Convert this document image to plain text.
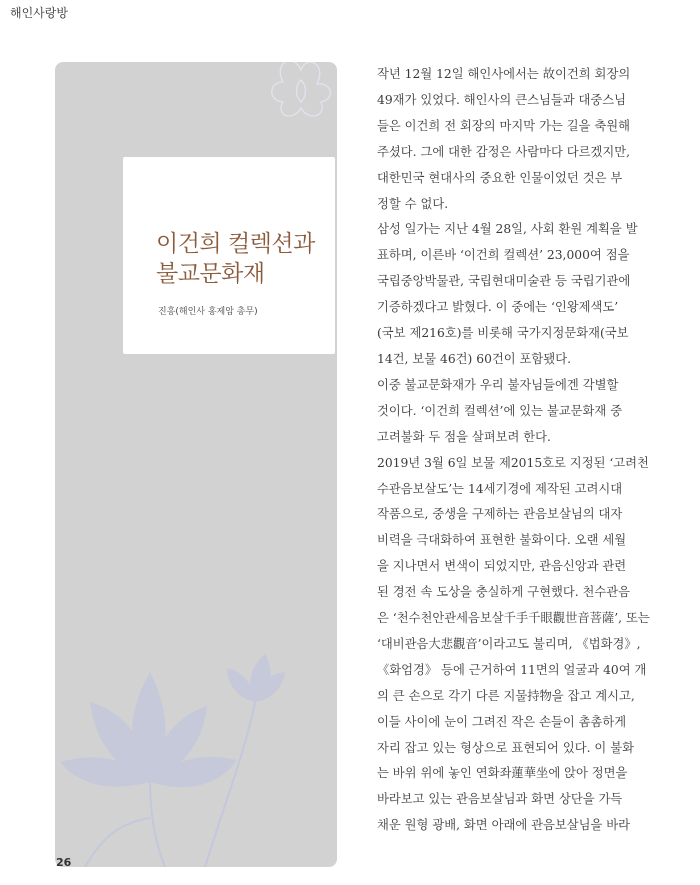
해인사랑방
이건희 컬렉션과
불교문화재
진흥(해인사 홍제암 총무)
작년 12월 12일 해인사에서는 故이건희 회장의
49재가 있었다. 해인사의 큰스님들과 대중스님
들은 이건희 전 회장의 마지막 가는 길을 축원해
주셨다. 그에 대한 감정은 사람마다 다르겠지만,
대한민국 현대사의 중요한 인물이었던 것은 부
정할 수 없다.
삼성 일가는 지난 4월 28일, 사회 환원 계획을 발
표하며, 이른바 ‘이건희 컬렉션’ 23,000여 점을
국립중앙박물관, 국립현대미술관 등 국립기관에
기증하겠다고 밝혔다. 이 중에는 ‘인왕제색도’
(국보 제216호)를 비롯해 국가지정문화재(국보
14건, 보물 46건) 60건이 포함됐다.
이중 불교문화재가 우리 불자님들에겐 각별할
것이다. ‘이건희 컬렉션’에 있는 불교문화재 중
고려불화 두 점을 살펴보려 한다.
2019년 3월 6일 보물 제2015호로 지정된 ‘고려천
수관음보살도’는 14세기경에 제작된 고려시대
작품으로, 중생을 구제하는 관음보살님의 대자
비력을 극대화하여 표현한 불화이다. 오랜 세월
을 지나면서 변색이 되었지만, 관음신앙과 관련
된 경전 속 도상을 충실하게 구현했다. 천수관음
은 ‘천수천안관세음보살千手千眼觀世音菩薩’, 또는
‘대비관음大悲觀音’이라고도 불리며, 《법화경》,
《화엄경》 등에 근거하여 11면의 얼굴과 40여 개
의 큰 손으로 각기 다른 지물持物을 잡고 계시고,
이들 사이에 눈이 그려진 작은 손들이 촘촘하게
자리 잡고 있는 형상으로 표현되어 있다. 이 불화
는 바위 위에 놓인 연화좌蓮華坐에 앉아 정면을
바라보고 있는 관음보살님과 화면 상단을 가득
채운 원형 광배, 화면 아래에 관음보살님을 바라
26
